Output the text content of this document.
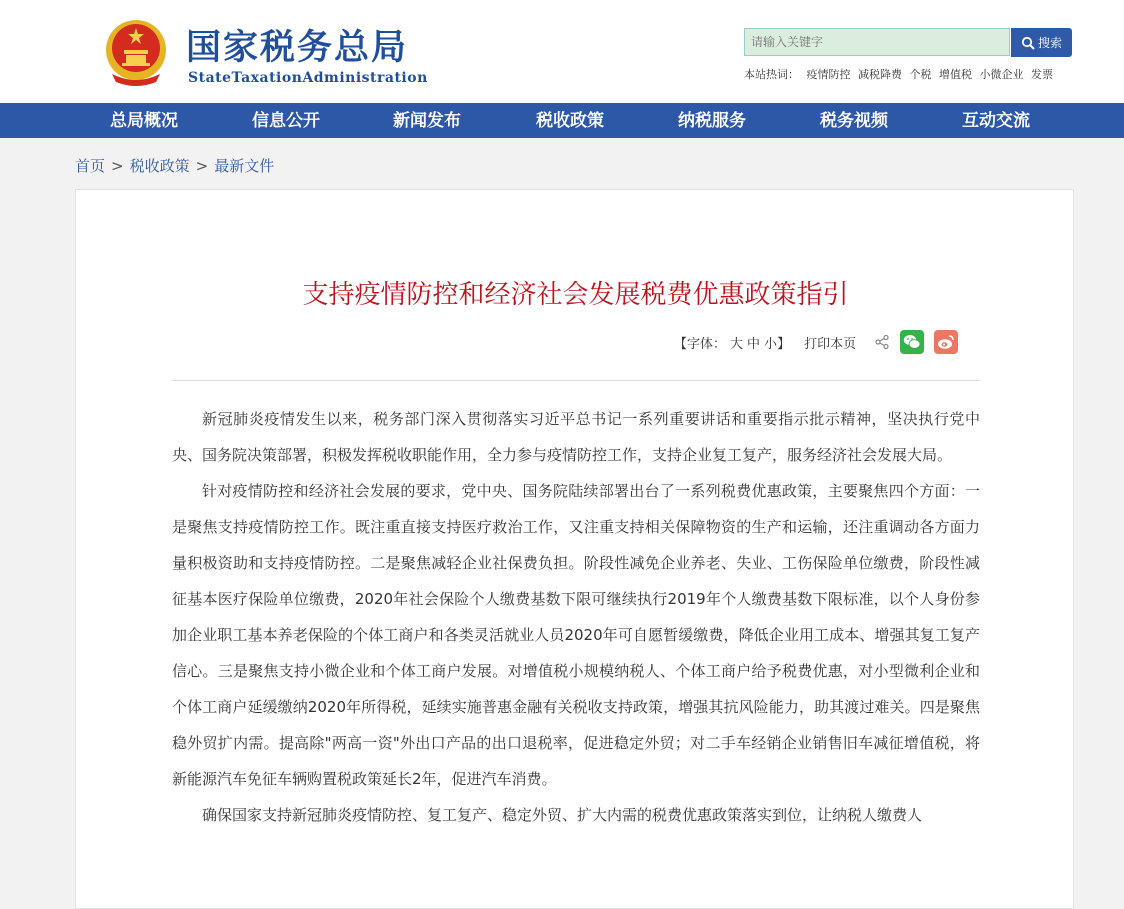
国家税务总局
StateTaxationAdministration
请输入关键字
搜索
本站热词： 疫情防控 减税降费 个税 增值税 小微企业 发票
总局概况	信息公开	新闻发布	税收政策	纳税服务	税务视频	互动交流
首页 > 税收政策 > 最新文件
支持疫情防控和经济社会发展税费优惠政策指引
【字体： 大 中 小 】 打印本页

新冠肺炎疫情发生以来，税务部门深入贯彻落实习近平总书记一系列重要讲话和重要指示批示精神，坚决执行党中央、国务院决策部署，积极发挥税收职能作用，全力参与疫情防控工作，支持企业复工复产，服务经济社会发展大局。

针对疫情防控和经济社会发展的要求，党中央、国务院陆续部署出台了一系列税费优惠政策，主要聚焦四个方面：一是聚焦支持疫情防控工作。既注重直接支持医疗救治工作，又注重支持相关保障物资的生产和运输，还注重调动各方面力量积极资助和支持疫情防控。二是聚焦减轻企业社保费负担。阶段性减免企业养老、失业、工伤保险单位缴费，阶段性减征基本医疗保险单位缴费，2020年社会保险个人缴费基数下限可继续执行2019年个人缴费基数下限标准，以个人身份参加企业职工基本养老保险的个体工商户和各类灵活就业人员2020年可自愿暂缓缴费，降低企业用工成本、增强其复工复产信心。三是聚焦支持小微企业和个体工商户发展。对增值税小规模纳税人、个体工商户给予税费优惠，对小型微利企业和个体工商户延缓缴纳2020年所得税，延续实施普惠金融有关税收支持政策，增强其抗风险能力，助其渡过难关。四是聚焦稳外贸扩内需。提高除"两高一资"外出口产品的出口退税率，促进稳定外贸；对二手车经销企业销售旧车减征增值税，将新能源汽车免征车辆购置税政策延长2年，促进汽车消费。

确保国家支持新冠肺炎疫情防控、复工复产、稳定外贸、扩大内需的税费优惠政策落实到位，让纳税人缴费人
